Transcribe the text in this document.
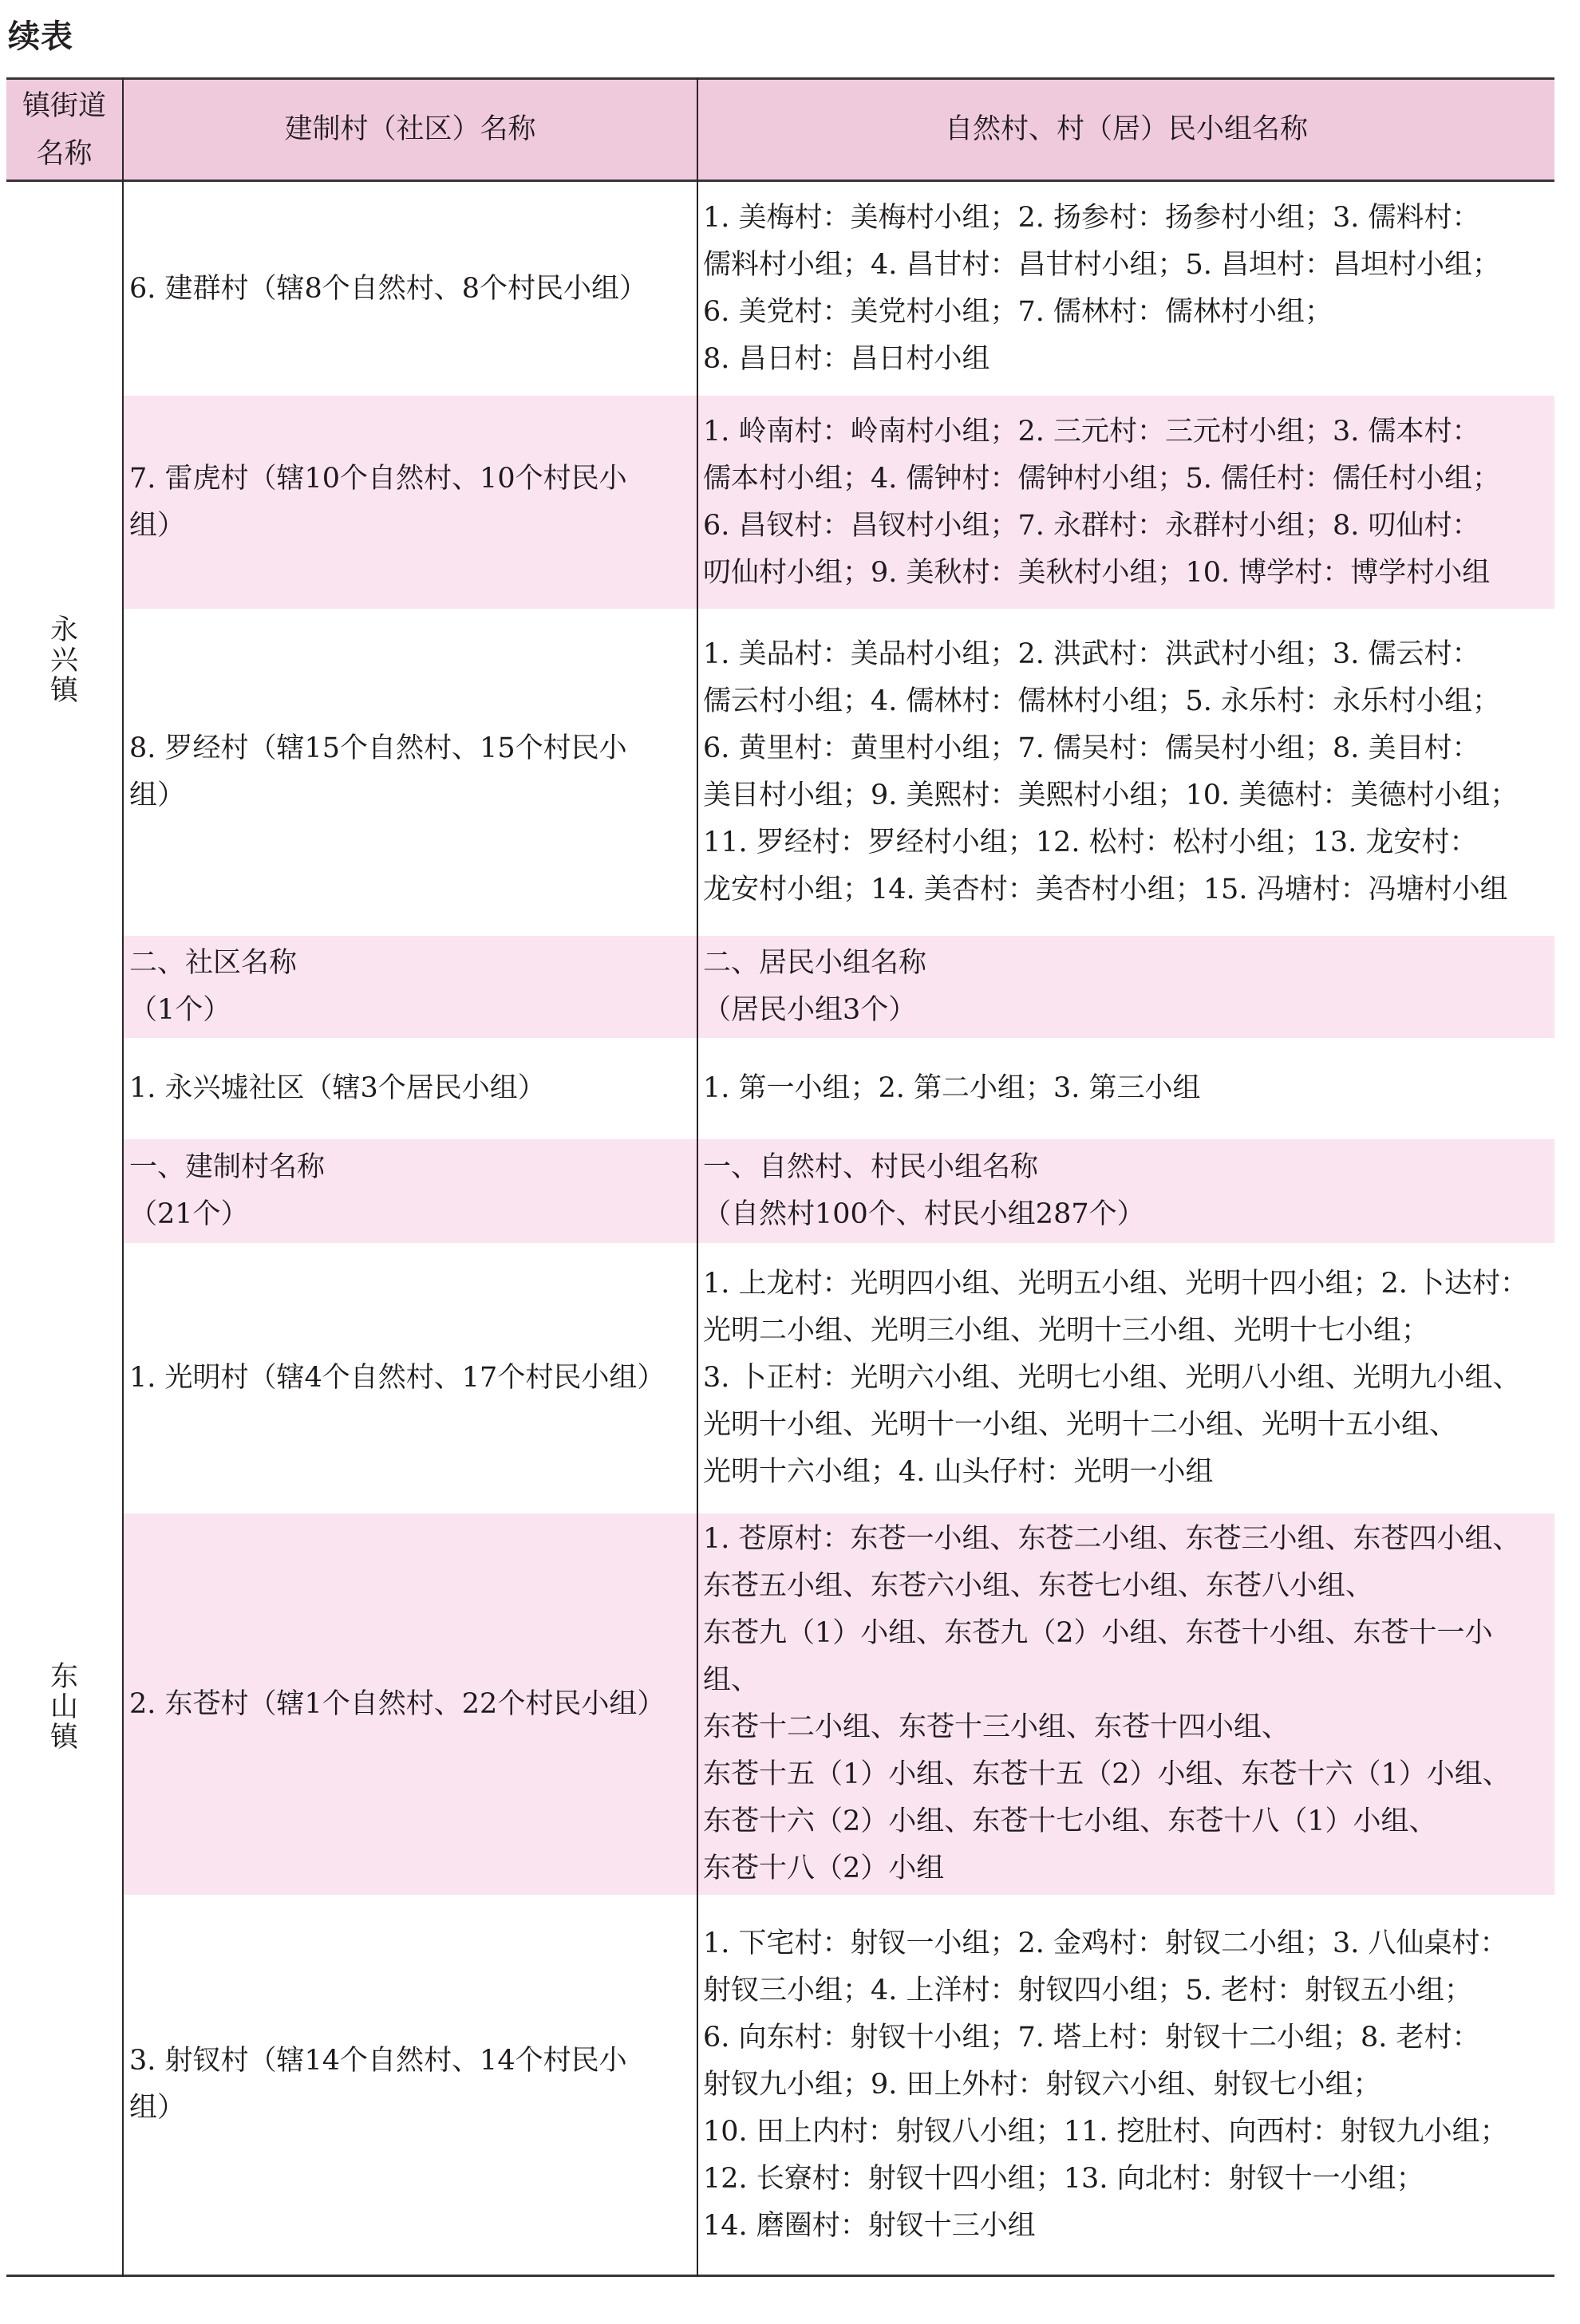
续表
镇街道
名称
建制村（社区）名称	自然村、村（居）民小组名称
永
兴
镇
东
山
镇
6. 建群村（辖8个自然村、8个村民小组）
1. 美梅村：美梅村小组；2. 扬参村：扬参村小组；3. 儒料村：
儒料村小组；4. 昌甘村：昌甘村小组；5. 昌坦村：昌坦村小组；
6. 美党村：美党村小组；7. 儒林村：儒林村小组；
8. 昌日村：昌日村小组
7. 雷虎村（辖10个自然村、10个村民小
组）
1. 岭南村：岭南村小组；2. 三元村：三元村小组；3. 儒本村：
儒本村小组；4. 儒钟村：儒钟村小组；5. 儒任村：儒任村小组；
6. 昌钗村：昌钗村小组；7. 永群村：永群村小组；8. 叨仙村：
叨仙村小组；9. 美秋村：美秋村小组；10. 博学村：博学村小组
8. 罗经村（辖15个自然村、15个村民小
组）
1. 美品村：美品村小组；2. 洪武村：洪武村小组；3. 儒云村：
儒云村小组；4. 儒林村：儒林村小组；5. 永乐村：永乐村小组；
6. 黄里村：黄里村小组；7. 儒吴村：儒吴村小组；8. 美目村：
美目村小组；9. 美熙村：美熙村小组；10. 美德村：美德村小组；
11. 罗经村：罗经村小组；12. 松村：松村小组；13. 龙安村：
龙安村小组；14. 美杏村：美杏村小组；15. 冯塘村：冯塘村小组
二、社区名称
（1个）
二、居民小组名称
（居民小组3个）
1. 永兴墟社区（辖3个居民小组）	1. 第一小组；2. 第二小组；3. 第三小组
一、建制村名称
（21个）
一、自然村、村民小组名称
（自然村100个、村民小组287个）
1. 光明村（辖4个自然村、17个村民小组）
1. 上龙村：光明四小组、光明五小组、光明十四小组；2. 卜达村：
光明二小组、光明三小组、光明十三小组、光明十七小组；
3. 卜正村：光明六小组、光明七小组、光明八小组、光明九小组、
光明十小组、光明十一小组、光明十二小组、光明十五小组、
光明十六小组；4. 山头仔村：光明一小组
2. 东苍村（辖1个自然村、22个村民小组）
1. 苍原村：东苍一小组、东苍二小组、东苍三小组、东苍四小组、
东苍五小组、东苍六小组、东苍七小组、东苍八小组、
东苍九（1）小组、东苍九（2）小组、东苍十小组、东苍十一小
组、
东苍十二小组、东苍十三小组、东苍十四小组、
东苍十五（1）小组、东苍十五（2）小组、东苍十六（1）小组、
东苍十六（2）小组、东苍十七小组、东苍十八（1）小组、
东苍十八（2）小组
3. 射钗村（辖14个自然村、14个村民小
组）
1. 下宅村：射钗一小组；2. 金鸡村：射钗二小组；3. 八仙桌村：
射钗三小组；4. 上洋村：射钗四小组；5. 老村：射钗五小组；
6. 向东村：射钗十小组；7. 塔上村：射钗十二小组；8. 老村：
射钗九小组；9. 田上外村：射钗六小组、射钗七小组；
10. 田上内村：射钗八小组；11. 挖肚村、向西村：射钗九小组；
12. 长寮村：射钗十四小组；13. 向北村：射钗十一小组；
14. 磨圈村：射钗十三小组
